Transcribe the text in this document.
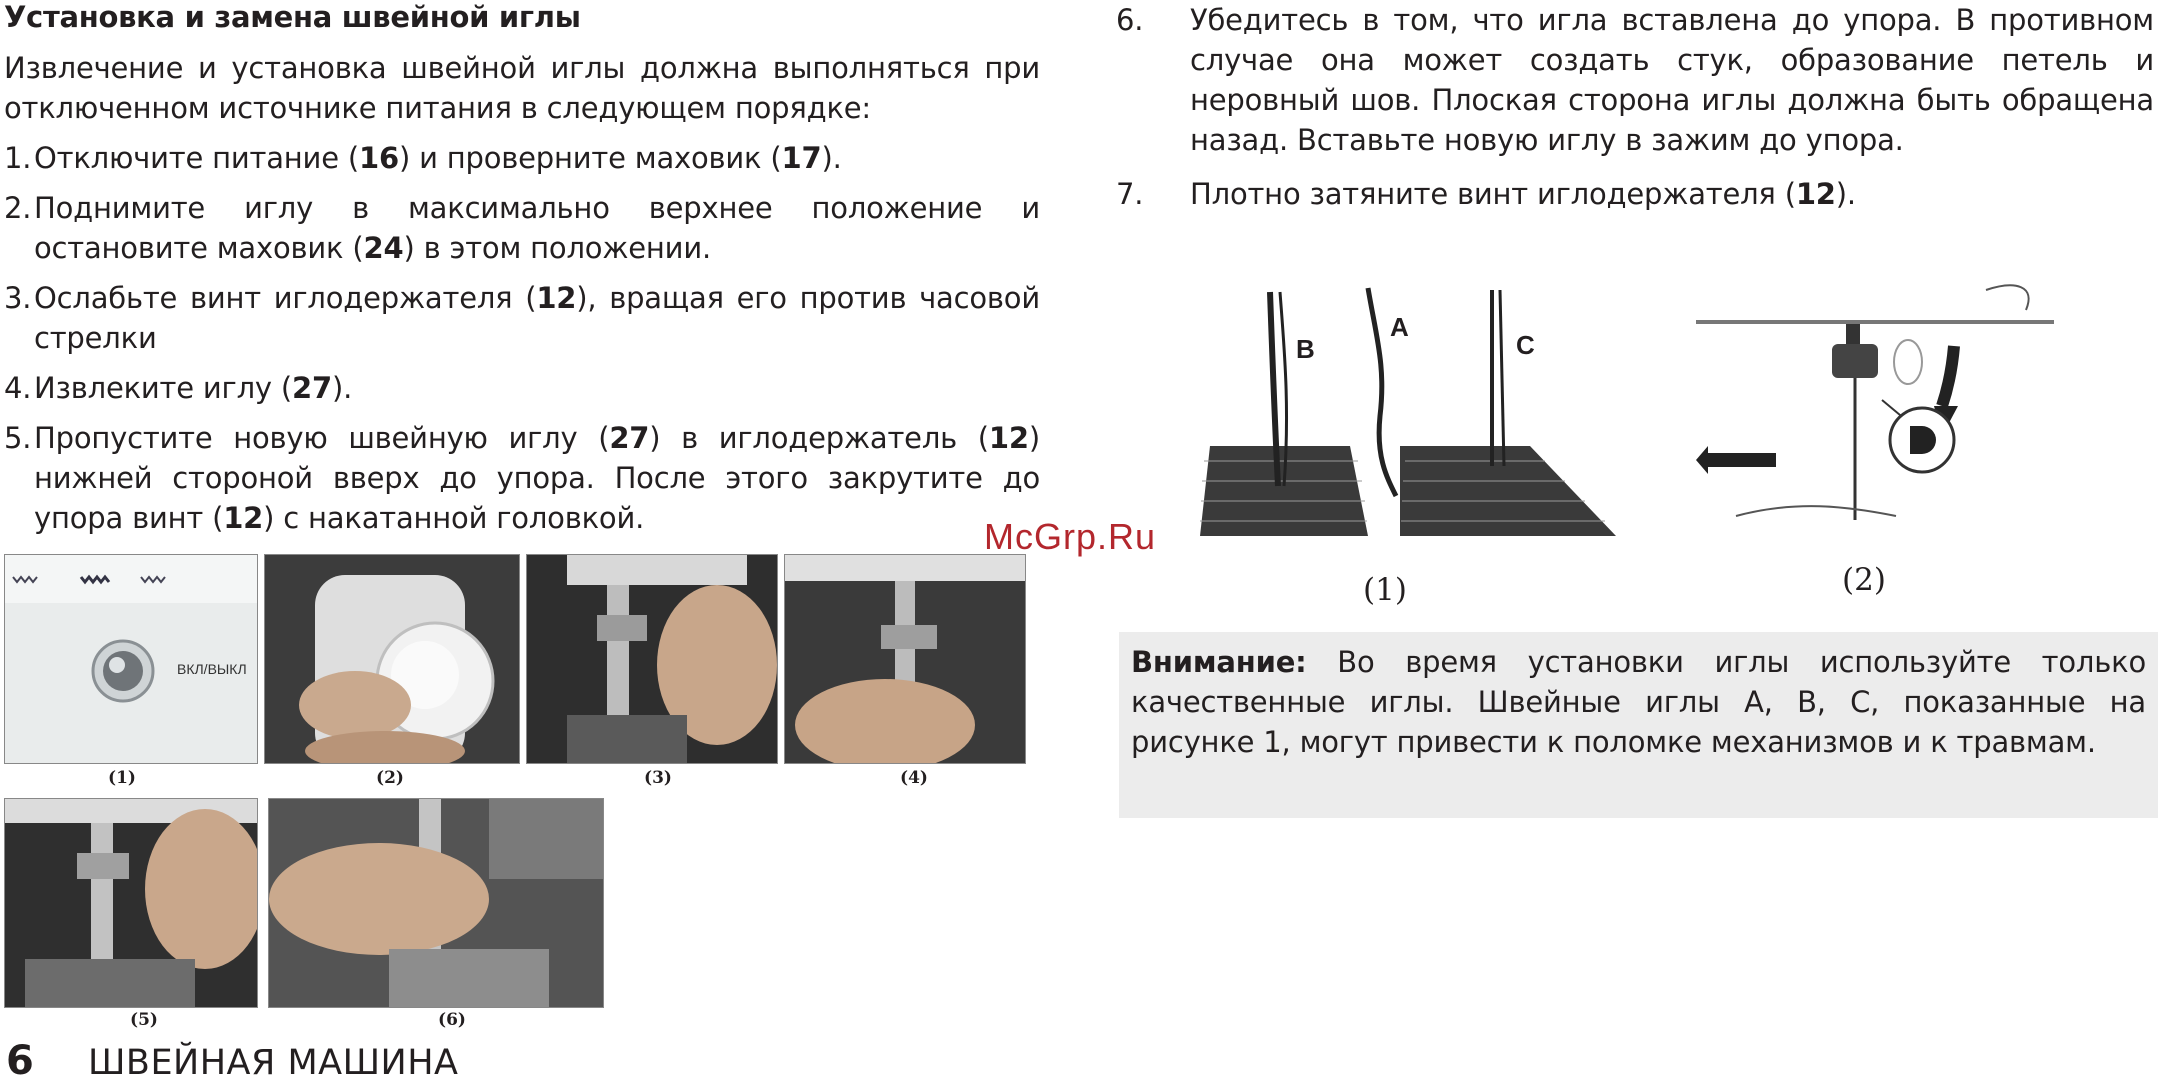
Установка и замена швейной иглы

Извлечение и установка швейной иглы должна выполняться при отключенном источнике питания в следующем порядке:

1. Отключите питание (16) и проверните маховик (17).
2. Поднимите иглу в максимально верхнее положение и остановите маховик (24) в этом положении.
3. Ослабьте винт иглодержателя (12), вращая его против часовой стрелки
4. Извлеките иглу (27).
5. Пропустите новую швейную иглу (27) в иглодержатель (12) нижней стороной вверх до упора. После этого закрутите до упора винт (12) с накатанной головкой.
6. Убедитесь в том, что игла вставлена до упора. В противном случае она может создать стук, образование петель и неровный шов. Плоская сторона иглы должна быть обращена назад. Вставьте новую иглу в зажим до упора.
7. Плотно затяните винт иглодержателя (12).
ВКЛ/ВЫКЛ
(1)	(2)	(3)	(4)
(5)	(6)
McGrp.Ru
B
A
C
(1)	(2)

Внимание: Во время установки иглы используйте только качественные иглы. Швейные иглы A, B, C, показанные на рисунке 1, могут привести к поломке механизмов и к травмам.

6 ШВЕЙНАЯ МАШИНА
